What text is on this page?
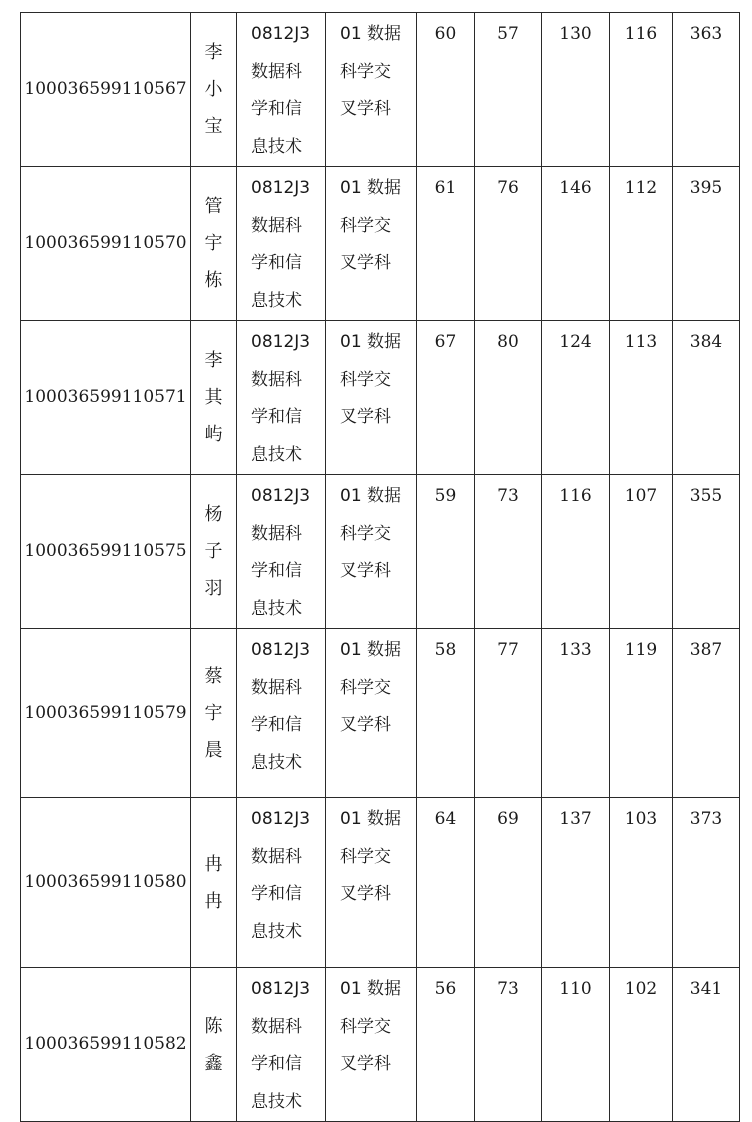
100036599110567	李
小
宝	0812J3
数据科
学和信
息技术	01 数据
科学交
叉学科	60	57	130	116	363
100036599110570	管
宇
栋	0812J3
数据科
学和信
息技术	01 数据
科学交
叉学科	61	76	146	112	395
100036599110571	李
其
屿	0812J3
数据科
学和信
息技术	01 数据
科学交
叉学科	67	80	124	113	384
100036599110575	杨
子
羽	0812J3
数据科
学和信
息技术	01 数据
科学交
叉学科	59	73	116	107	355
100036599110579	蔡
宇
晨	0812J3
数据科
学和信
息技术	01 数据
科学交
叉学科	58	77	133	119	387
100036599110580	冉
冉	0812J3
数据科
学和信
息技术	01 数据
科学交
叉学科	64	69	137	103	373
100036599110582	陈
鑫	0812J3
数据科
学和信
息技术	01 数据
科学交
叉学科	56	73	110	102	341
